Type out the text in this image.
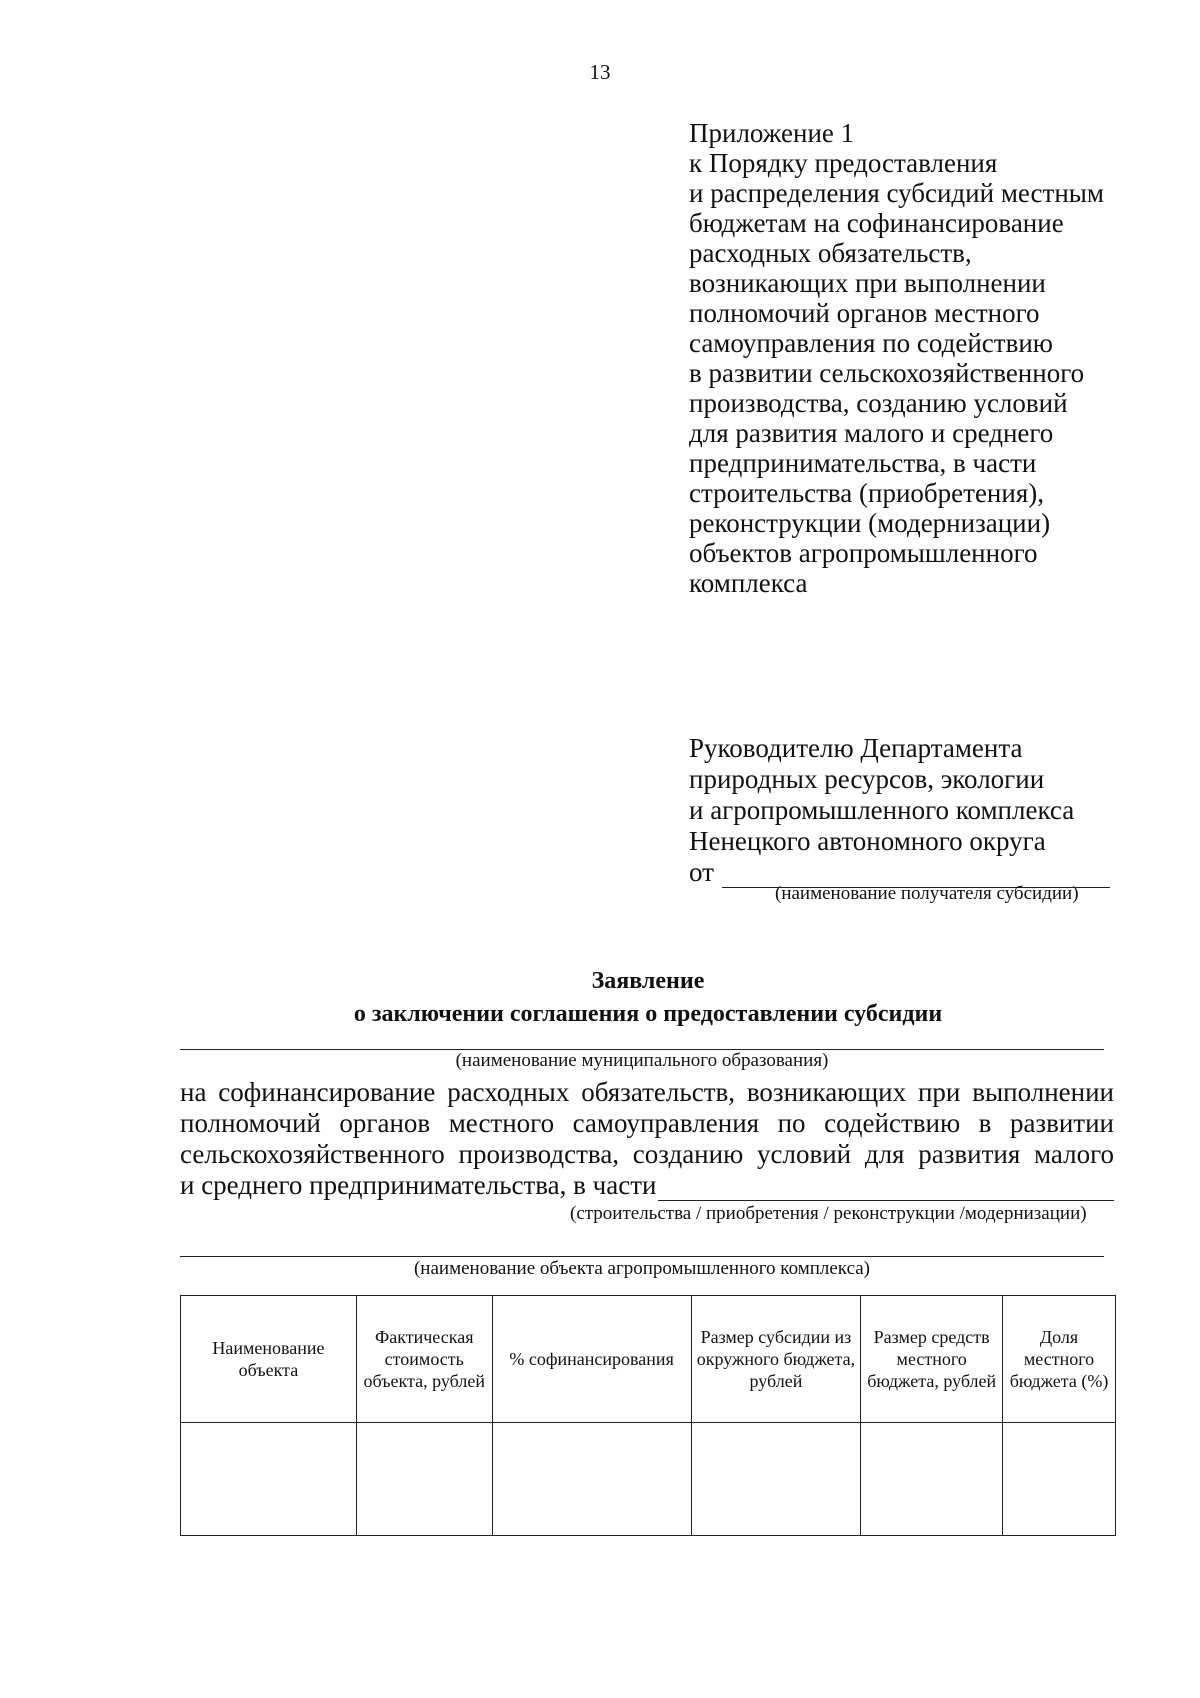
13
Приложение 1
к Порядку предоставления
и распределения субсидий местным
бюджетам на софинансирование
расходных обязательств,
возникающих при выполнении
полномочий органов местного
самоуправления по содействию
в развитии сельскохозяйственного
производства, созданию условий
для развития малого и среднего
предпринимательства, в части
строительства (приобретения),
реконструкции (модернизации)
объектов агропромышленного
комплекса
Руководителю Департамента
природных ресурсов, экологии
и агропромышленного комплекса
Ненецкого автономного округа
от
(наименование получателя субсидии)
Заявление
о заключении соглашения о предоставлении субсидии
(наименование муниципального образования)
на софинансирование расходных обязательств, возникающих при выполнении полномочий органов местного самоуправления по содействию в развитии сельскохозяйственного производства, созданию условий для развития малого
и среднего предпринимательства, в части
(строительства / приобретения / реконструкции /модернизации)
(наименование объекта агропромышленного комплекса)
Наименование объекта	Фактическая стоимость объекта, рублей	% софинансирования	Размер субсидии из окружного бюджета, рублей	Размер средств местного бюджета, рублей	Доля местного бюджета (%)
